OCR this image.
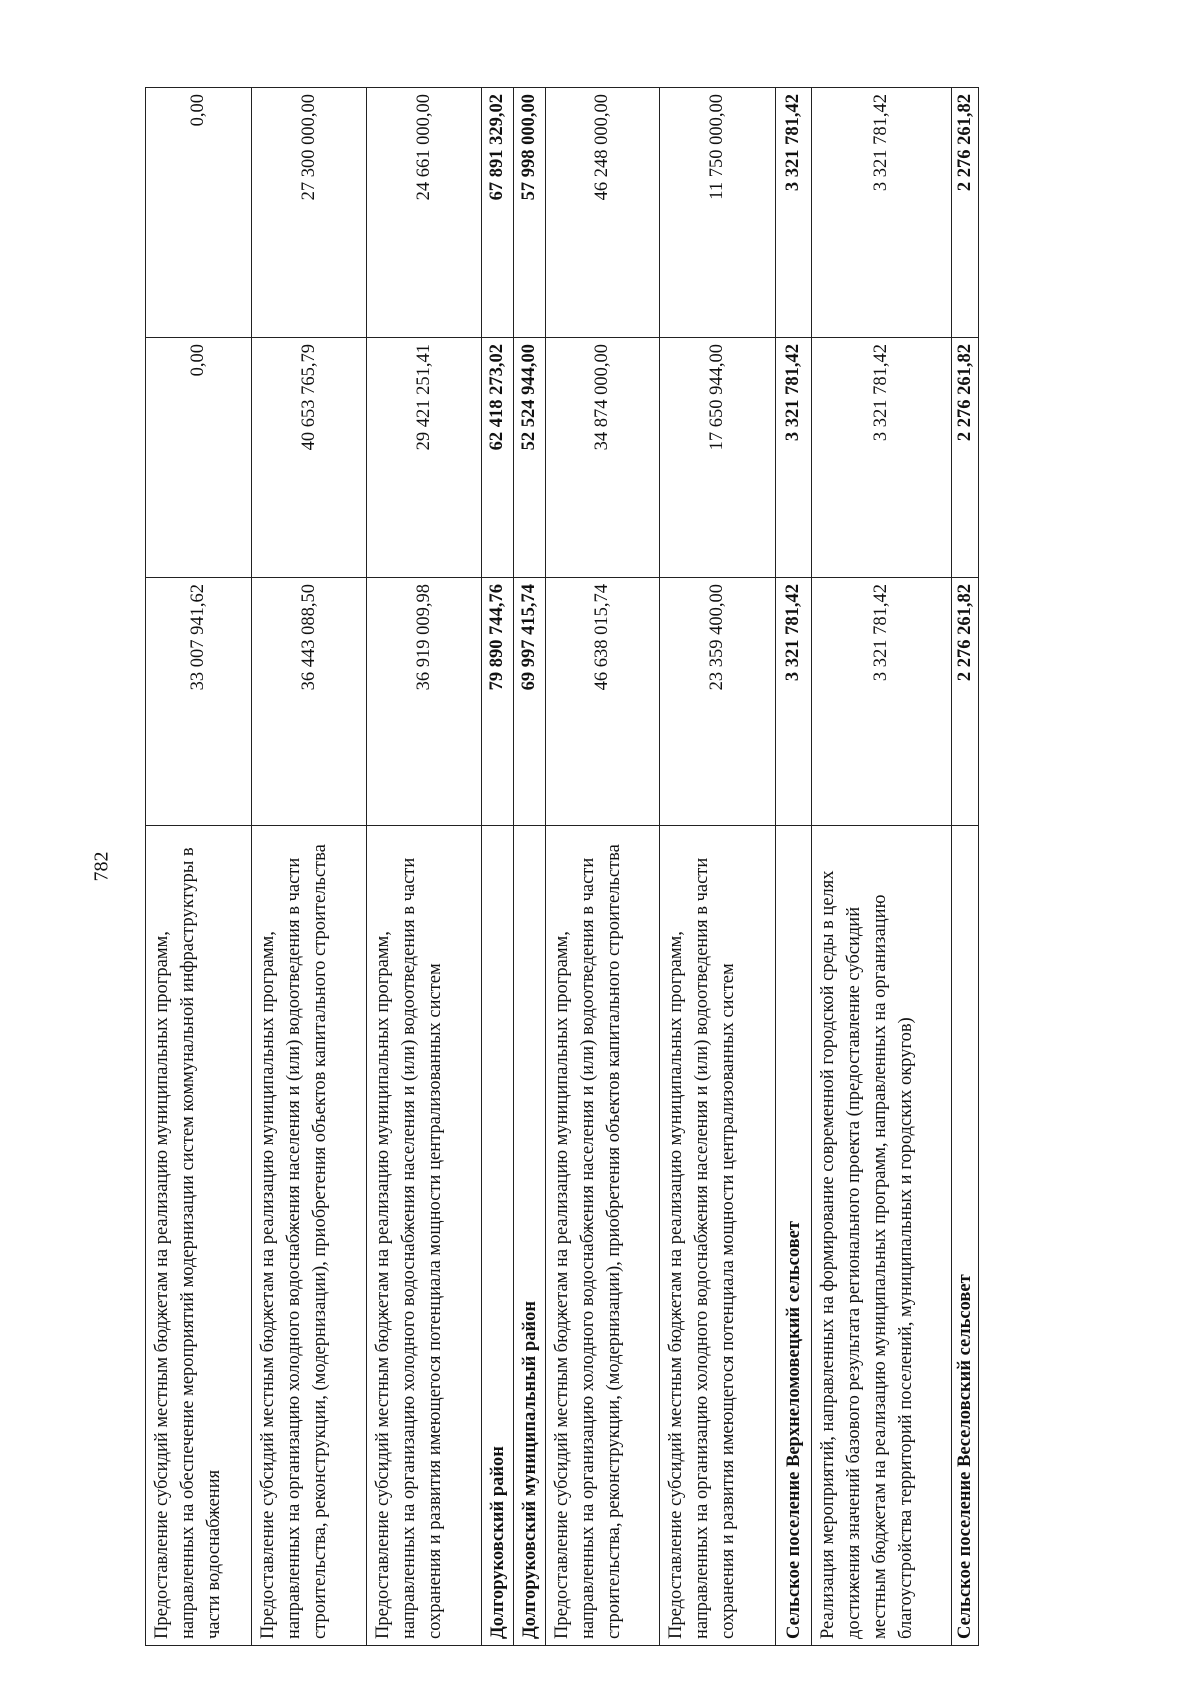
782
Предоставление субсидий местным бюджетам на реализацию муниципальных программ, направленных на обеспечение мероприятий модернизации систем коммунальной инфраструктуры в части водоснабжения	33 007 941,62	0,00	0,00
Предоставление субсидий местным бюджетам на реализацию муниципальных программ, направленных на организацию холодного водоснабжения населения и (или) водоотведения в части строительства, реконструкции, (модернизации), приобретения объектов капитального строительства	36 443 088,50	40 653 765,79	27 300 000,00
Предоставление субсидий местным бюджетам на реализацию муниципальных программ, направленных на организацию холодного водоснабжения населения и (или) водоотведения в части сохранения и развития имеющегося потенциала мощности централизованных систем	36 919 009,98	29 421 251,41	24 661 000,00
Долгоруковский район	79 890 744,76	62 418 273,02	67 891 329,02
Долгоруковский муниципальный район	69 997 415,74	52 524 944,00	57 998 000,00
Предоставление субсидий местным бюджетам на реализацию муниципальных программ, направленных на организацию холодного водоснабжения населения и (или) водоотведения в части строительства, реконструкции, (модернизации), приобретения объектов капитального строительства	46 638 015,74	34 874 000,00	46 248 000,00
Предоставление субсидий местным бюджетам на реализацию муниципальных программ, направленных на организацию холодного водоснабжения населения и (или) водоотведения в части сохранения и развития имеющегося потенциала мощности централизованных систем	23 359 400,00	17 650 944,00	11 750 000,00
Сельское поселение Верхнеломовецкий сельсовет	3 321 781,42	3 321 781,42	3 321 781,42
Реализация мероприятий, направленных на формирование современной городской среды в целях достижения значений базового результата регионального проекта (предоставление субсидий местным бюджетам на реализацию муниципальных программ, направленных на организацию благоустройства территорий поселений, муниципальных и городских округов)	3 321 781,42	3 321 781,42	3 321 781,42
Сельское поселение Веселовский сельсовет	2 276 261,82	2 276 261,82	2 276 261,82
